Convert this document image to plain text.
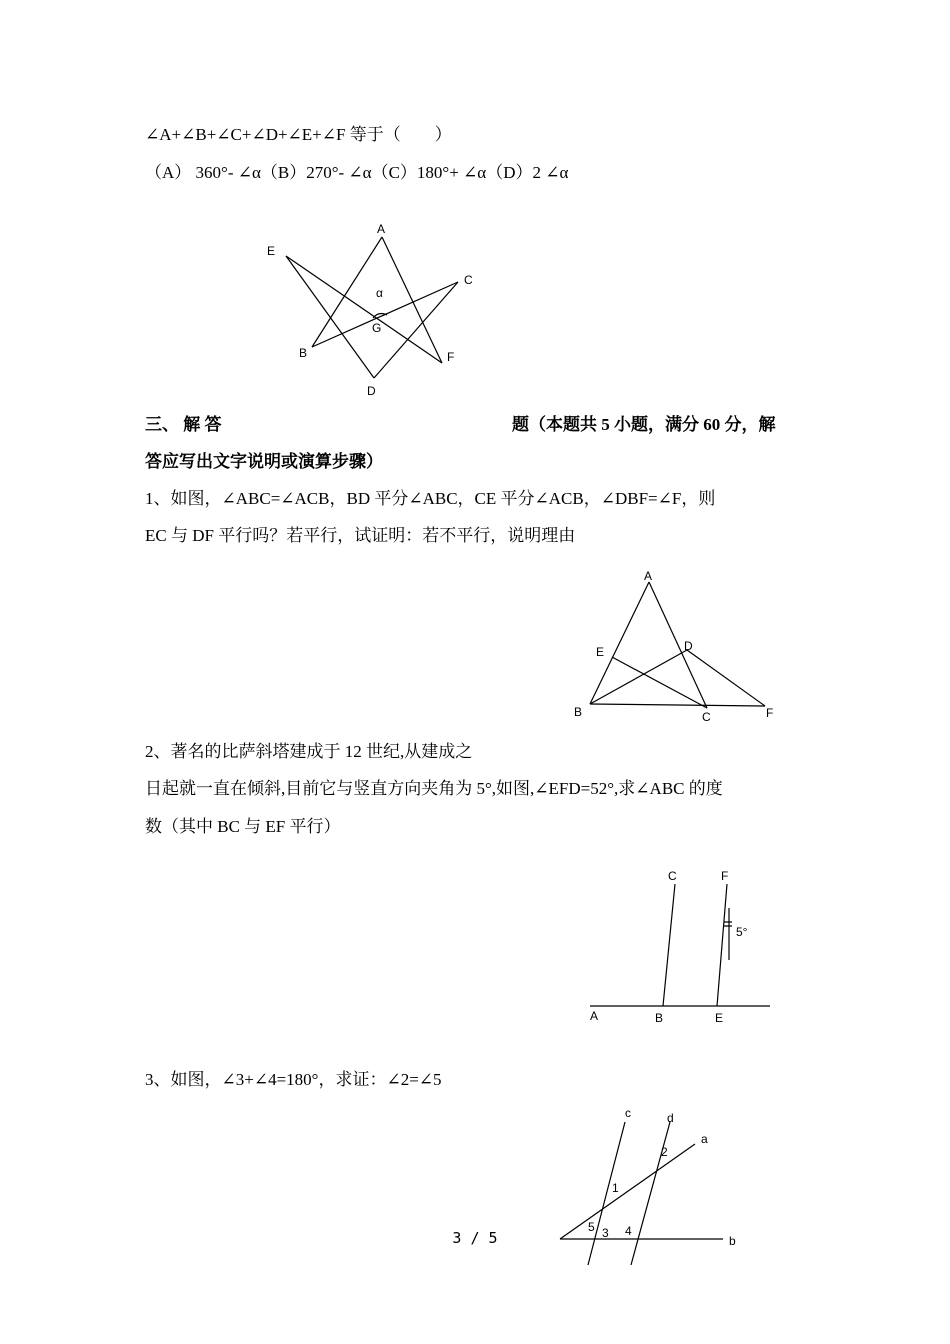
∠A+∠B+∠C+∠D+∠E+∠F 等于（　　）
（A） 360°- ∠α（B）270°- ∠α（C）180°+ ∠α（D）2 ∠α
A
E
C
α
G
B	F
D
三、 解 答	题（本题共 5 小题，满分 60 分，解
答应写出文字说明或演算步骤）
1、如图，∠ABC=∠ACB，BD 平分∠ABC，CE 平分∠ACB，∠DBF=∠F，则
EC 与 DF 平行吗？若平行，试证明：若不平行，说明理由
A
E	D
B	C	F
2、著名的比萨斜塔建成于 12 世纪,从建成之
日起就一直在倾斜,目前它与竖直方向夹角为 5°,如图,∠EFD=52°,求∠ABC 的度
数（其中 BC 与 EF 平行）
C	F
5°
A	B	E
3、如图，∠3+∠4=180°，求证：∠2=∠5
c	d
a
2
1
5 3 4
b
3 / 5
